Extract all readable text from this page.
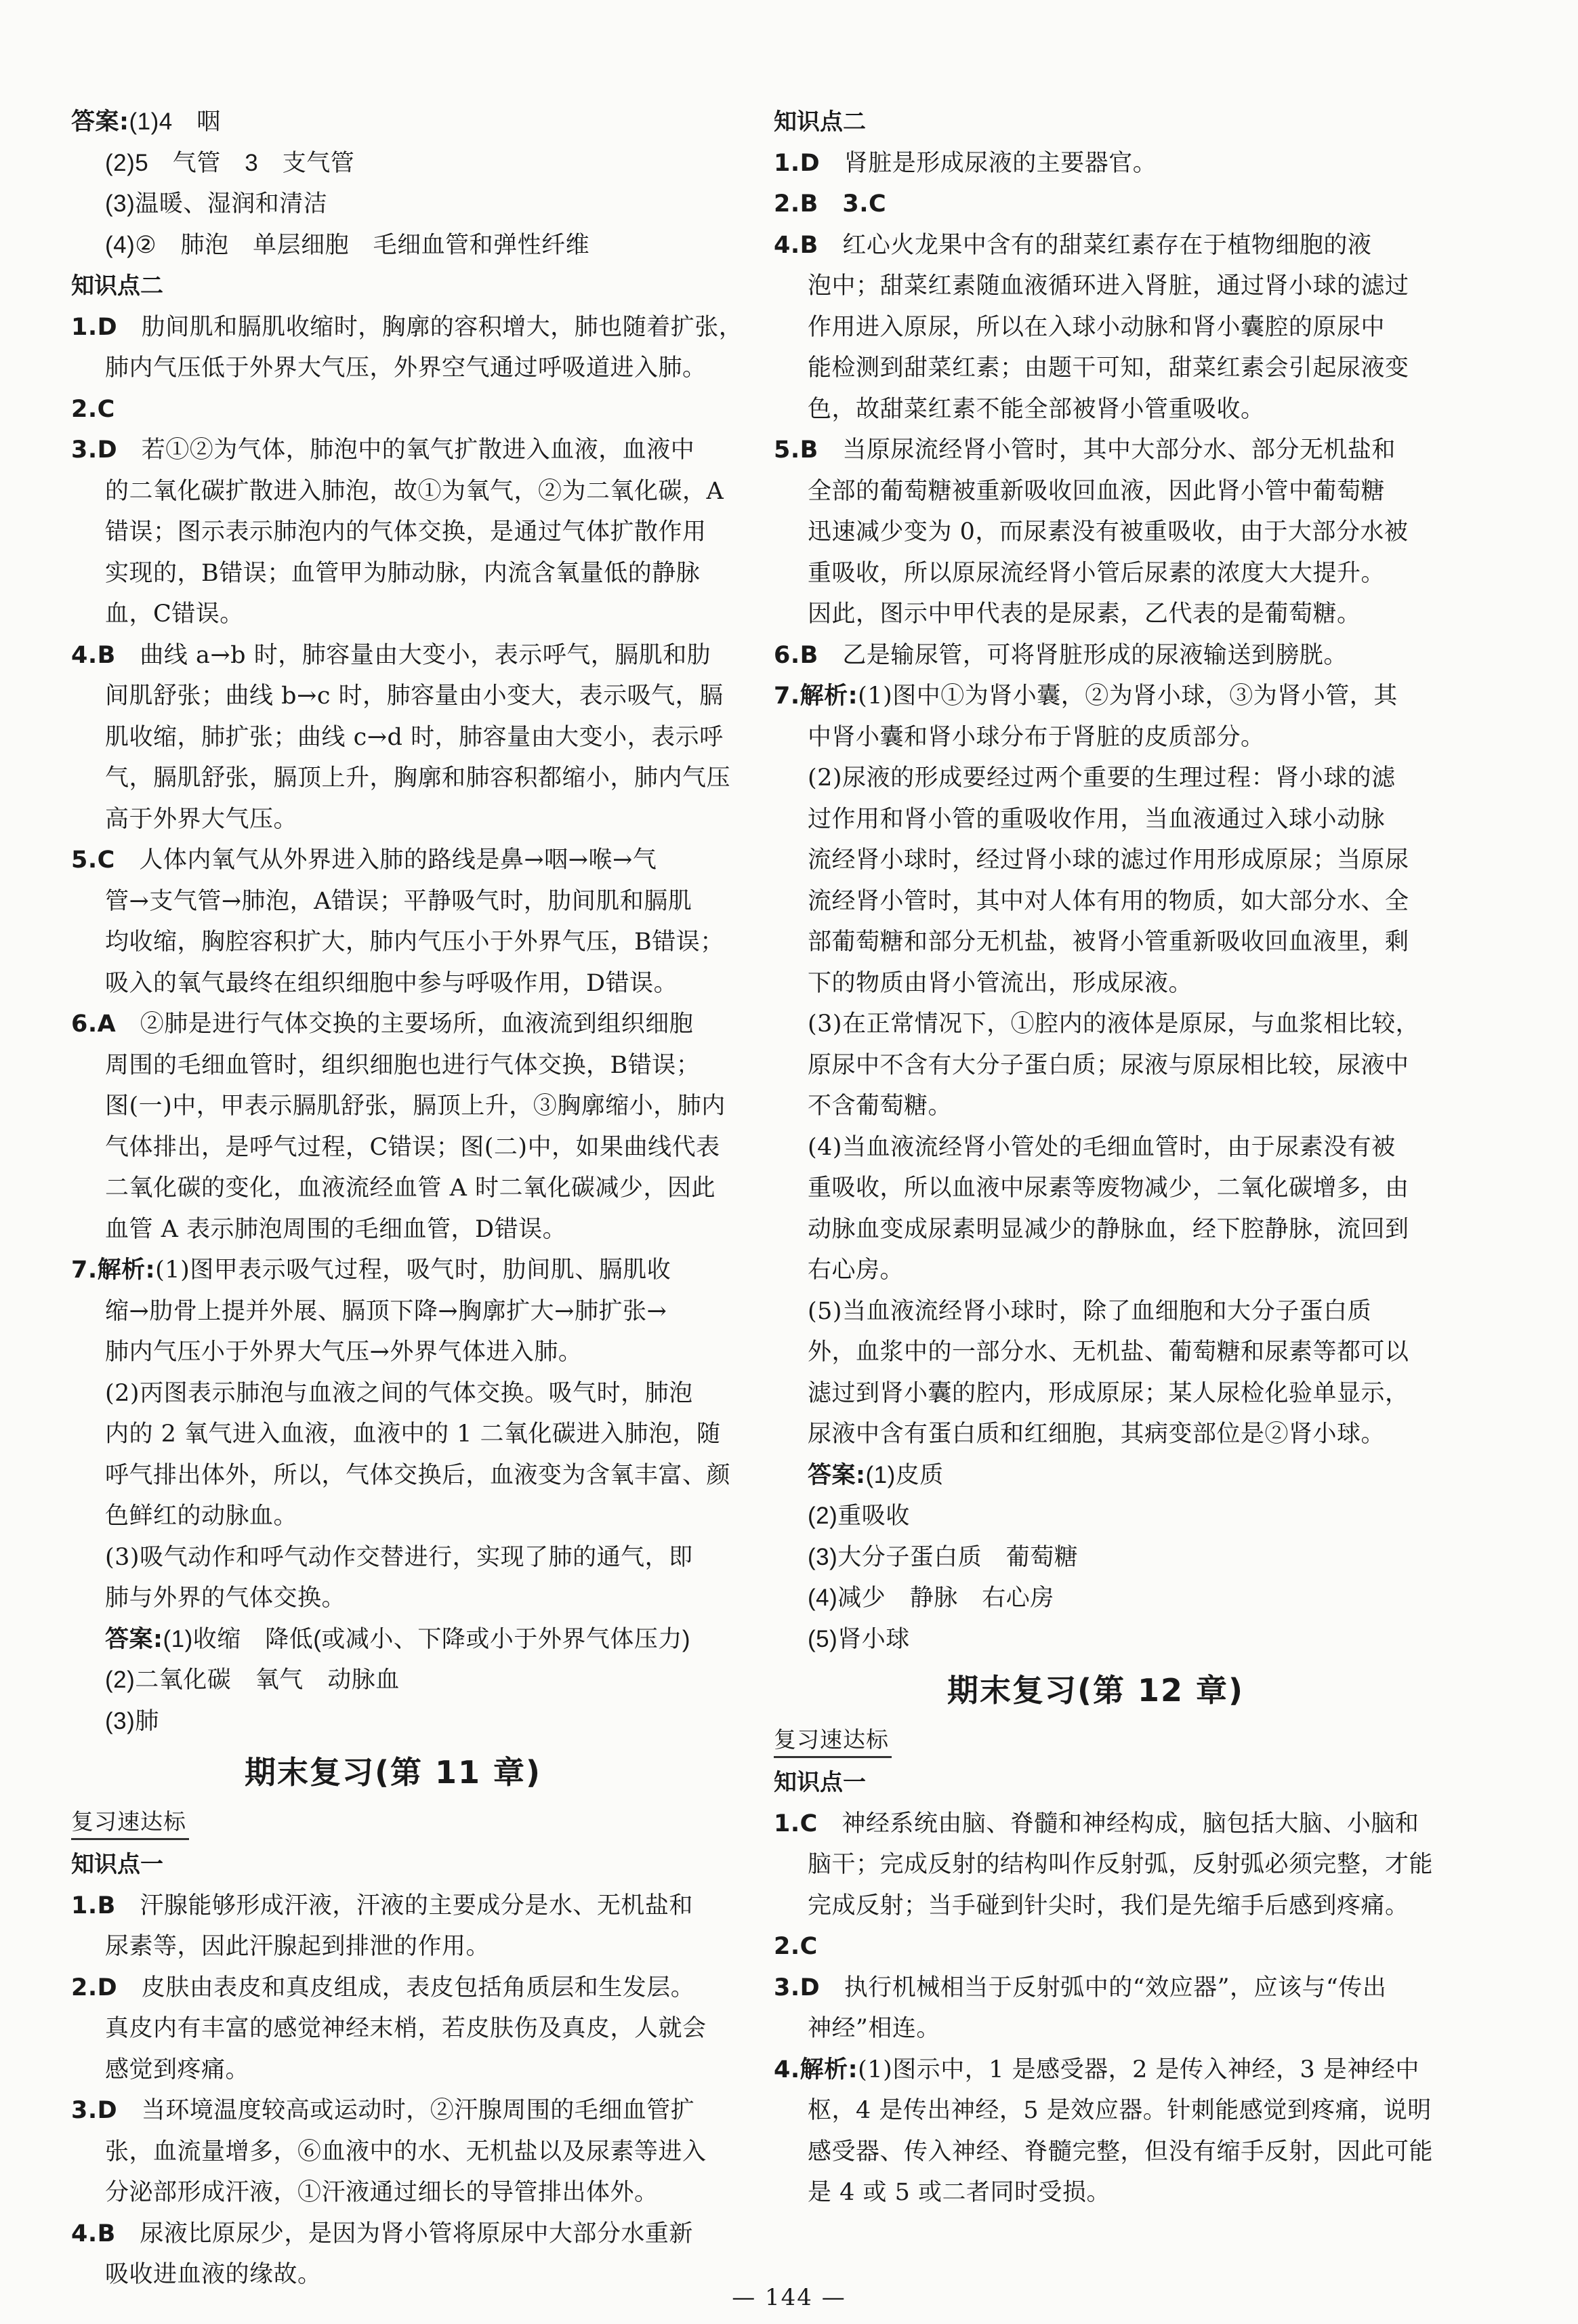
答案:(1)4　咽
(2)5　气管　3　支气管
(3)温暖、湿润和清洁
(4)②　肺泡　单层细胞　毛细血管和弹性纤维
知识点二
1.D　 肋间肌和膈肌收缩时，胸廓的容积增大，肺也随着扩张，
肺内气压低于外界大气压，外界空气通过呼吸道进入肺。
2.C
3.D　 若①②为气体，肺泡中的氧气扩散进入血液，血液中
的二氧化碳扩散进入肺泡，故①为氧气，②为二氧化碳，A
错误；图示表示肺泡内的气体交换，是通过气体扩散作用
实现的，B错误；血管甲为肺动脉，内流含氧量低的静脉
血，C错误。
4.B　 曲线 a→b 时，肺容量由大变小，表示呼气，膈肌和肋
间肌舒张；曲线 b→c 时，肺容量由小变大，表示吸气，膈
肌收缩，肺扩张；曲线 c→d 时，肺容量由大变小，表示呼
气，膈肌舒张，膈顶上升，胸廓和肺容积都缩小，肺内气压
高于外界大气压。
5.C　 人体内氧气从外界进入肺的路线是鼻→咽→喉→气
管→支气管→肺泡，A错误；平静吸气时，肋间肌和膈肌
均收缩，胸腔容积扩大，肺内气压小于外界气压，B错误；
吸入的氧气最终在组织细胞中参与呼吸作用，D错误。
6.A　 ②肺是进行气体交换的主要场所，血液流到组织细胞
周围的毛细血管时，组织细胞也进行气体交换，B错误；
图(一)中，甲表示膈肌舒张，膈顶上升，③胸廓缩小，肺内
气体排出，是呼气过程，C错误；图(二)中，如果曲线代表
二氧化碳的变化，血液流经血管 A 时二氧化碳减少，因此
血管 A 表示肺泡周围的毛细血管，D错误。
7.解析:(1)图甲表示吸气过程，吸气时，肋间肌、膈肌收
缩→肋骨上提并外展、膈顶下降→胸廓扩大→肺扩张→
肺内气压小于外界大气压→外界气体进入肺。
(2)丙图表示肺泡与血液之间的气体交换。吸气时，肺泡
内的 2 氧气进入血液，血液中的 1 二氧化碳进入肺泡，随
呼气排出体外，所以，气体交换后，血液变为含氧丰富、颜
色鲜红的动脉血。
(3)吸气动作和呼气动作交替进行，实现了肺的通气，即
肺与外界的气体交换。
答案:(1)收缩　降低(或减小、下降或小于外界气体压力)
(2)二氧化碳　氧气　动脉血
(3)肺
期末复习(第 11 章)
复习速达标
知识点一
1.B　 汗腺能够形成汗液，汗液的主要成分是水、无机盐和
尿素等，因此汗腺起到排泄的作用。
2.D　 皮肤由表皮和真皮组成，表皮包括角质层和生发层。
真皮内有丰富的感觉神经末梢，若皮肤伤及真皮，人就会
感觉到疼痛。
3.D　 当环境温度较高或运动时，②汗腺周围的毛细血管扩
张，血流量增多，⑥血液中的水、无机盐以及尿素等进入
分泌部形成汗液，①汗液通过细长的导管排出体外。
4.B　 尿液比原尿少，是因为肾小管将原尿中大部分水重新
吸收进血液的缘故。
知识点二
1.D　 肾脏是形成尿液的主要器官。
2.B　 3.C
4.B　 红心火龙果中含有的甜菜红素存在于植物细胞的液
泡中；甜菜红素随血液循环进入肾脏，通过肾小球的滤过
作用进入原尿，所以在入球小动脉和肾小囊腔的原尿中
能检测到甜菜红素；由题干可知，甜菜红素会引起尿液变
色，故甜菜红素不能全部被肾小管重吸收。
5.B　 当原尿流经肾小管时，其中大部分水、部分无机盐和
全部的葡萄糖被重新吸收回血液，因此肾小管中葡萄糖
迅速减少变为 0，而尿素没有被重吸收，由于大部分水被
重吸收，所以原尿流经肾小管后尿素的浓度大大提升。
因此，图示中甲代表的是尿素，乙代表的是葡萄糖。
6.B　 乙是输尿管，可将肾脏形成的尿液输送到膀胱。
7.解析:(1)图中①为肾小囊，②为肾小球，③为肾小管，其
中肾小囊和肾小球分布于肾脏的皮质部分。
(2)尿液的形成要经过两个重要的生理过程：肾小球的滤
过作用和肾小管的重吸收作用，当血液通过入球小动脉
流经肾小球时，经过肾小球的滤过作用形成原尿；当原尿
流经肾小管时，其中对人体有用的物质，如大部分水、全
部葡萄糖和部分无机盐，被肾小管重新吸收回血液里，剩
下的物质由肾小管流出，形成尿液。
(3)在正常情况下，①腔内的液体是原尿，与血浆相比较，
原尿中不含有大分子蛋白质；尿液与原尿相比较，尿液中
不含葡萄糖。
(4)当血液流经肾小管处的毛细血管时，由于尿素没有被
重吸收，所以血液中尿素等废物减少，二氧化碳增多，由
动脉血变成尿素明显减少的静脉血，经下腔静脉，流回到
右心房。
(5)当血液流经肾小球时，除了血细胞和大分子蛋白质
外，血浆中的一部分水、无机盐、葡萄糖和尿素等都可以
滤过到肾小囊的腔内，形成原尿；某人尿检化验单显示，
尿液中含有蛋白质和红细胞，其病变部位是②肾小球。
答案:(1)皮质
(2)重吸收
(3)大分子蛋白质　葡萄糖
(4)减少　静脉　右心房
(5)肾小球
期末复习(第 12 章)
复习速达标
知识点一
1.C　 神经系统由脑、脊髓和神经构成，脑包括大脑、小脑和
脑干；完成反射的结构叫作反射弧，反射弧必须完整，才能
完成反射；当手碰到针尖时，我们是先缩手后感到疼痛。
2.C
3.D　 执行机械相当于反射弧中的“效应器”，应该与“传出
神经”相连。
4.解析:(1)图示中，1 是感受器，2 是传入神经，3 是神经中
枢，4 是传出神经，5 是效应器。针刺能感觉到疼痛，说明
感受器、传入神经、脊髓完整，但没有缩手反射，因此可能
是 4 或 5 或二者同时受损。
— 144 —
